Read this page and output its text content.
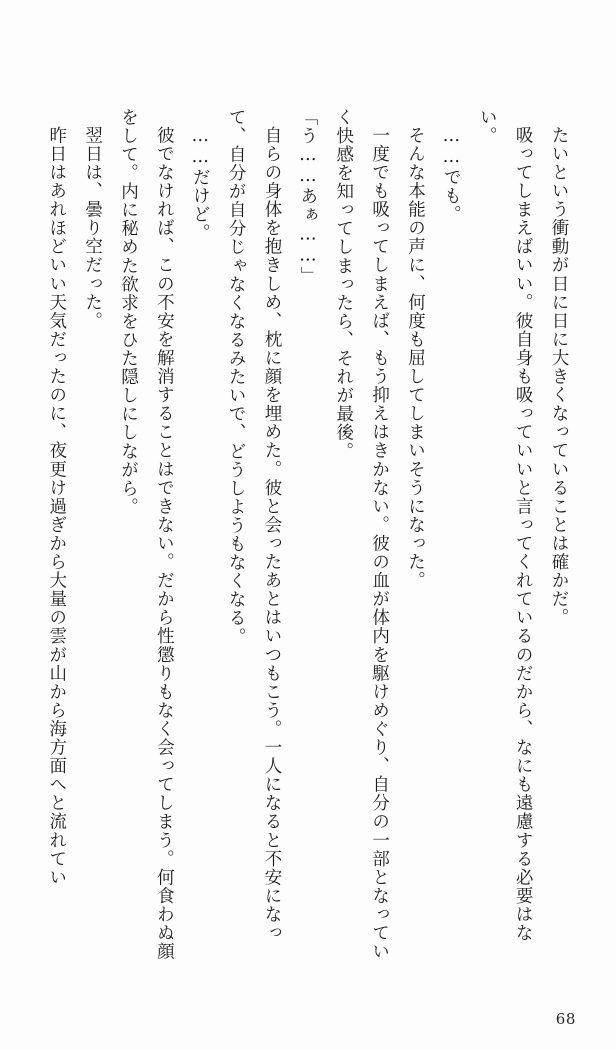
たいという衝動が日に日に大きくなっていることは確かだ。

吸ってしまえばいい。彼自身も吸っていいと言ってくれているのだから、なにも遠慮する必要はない。

……でも。

そんな本能の声に、何度も屈してしまいそうになった。

一度でも吸ってしまえば、もう抑えはきかない。彼の血が体内を駆けめぐり、自分の一部となっていく快感を知ってしまったら、それが最後。

「う……あぁ……」

自らの身体を抱きしめ、枕に顔を埋めた。彼と会ったあとはいつもこう。一人になると不安になって、自分が自分じゃなくなるみたいで、どうしようもなくなる。

……だけど。

彼でなければ、この不安を解消することはできない。だから性懲りもなく会ってしまう。何食わぬ顔をして。内に秘めた欲求をひた隠しにしながら。

翌日は、曇り空だった。

昨日はあれほどいい天気だったのに、夜更け過ぎから大量の雲が山から海方面へと流れてい

68
